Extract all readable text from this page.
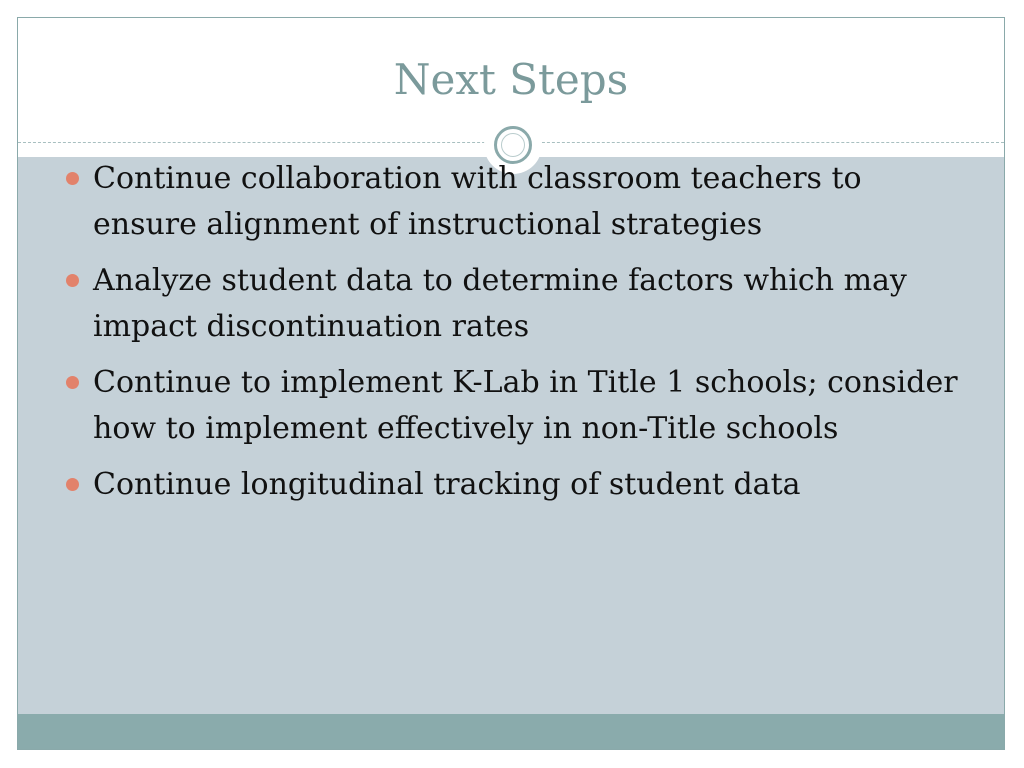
Next Steps
Continue collaboration with classroom teachers to ensure alignment of instructional strategies
Analyze student data to determine factors which may impact discontinuation rates
Continue to implement K-Lab in Title 1 schools; consider how to implement effectively in non-Title schools
Continue longitudinal tracking of student data
